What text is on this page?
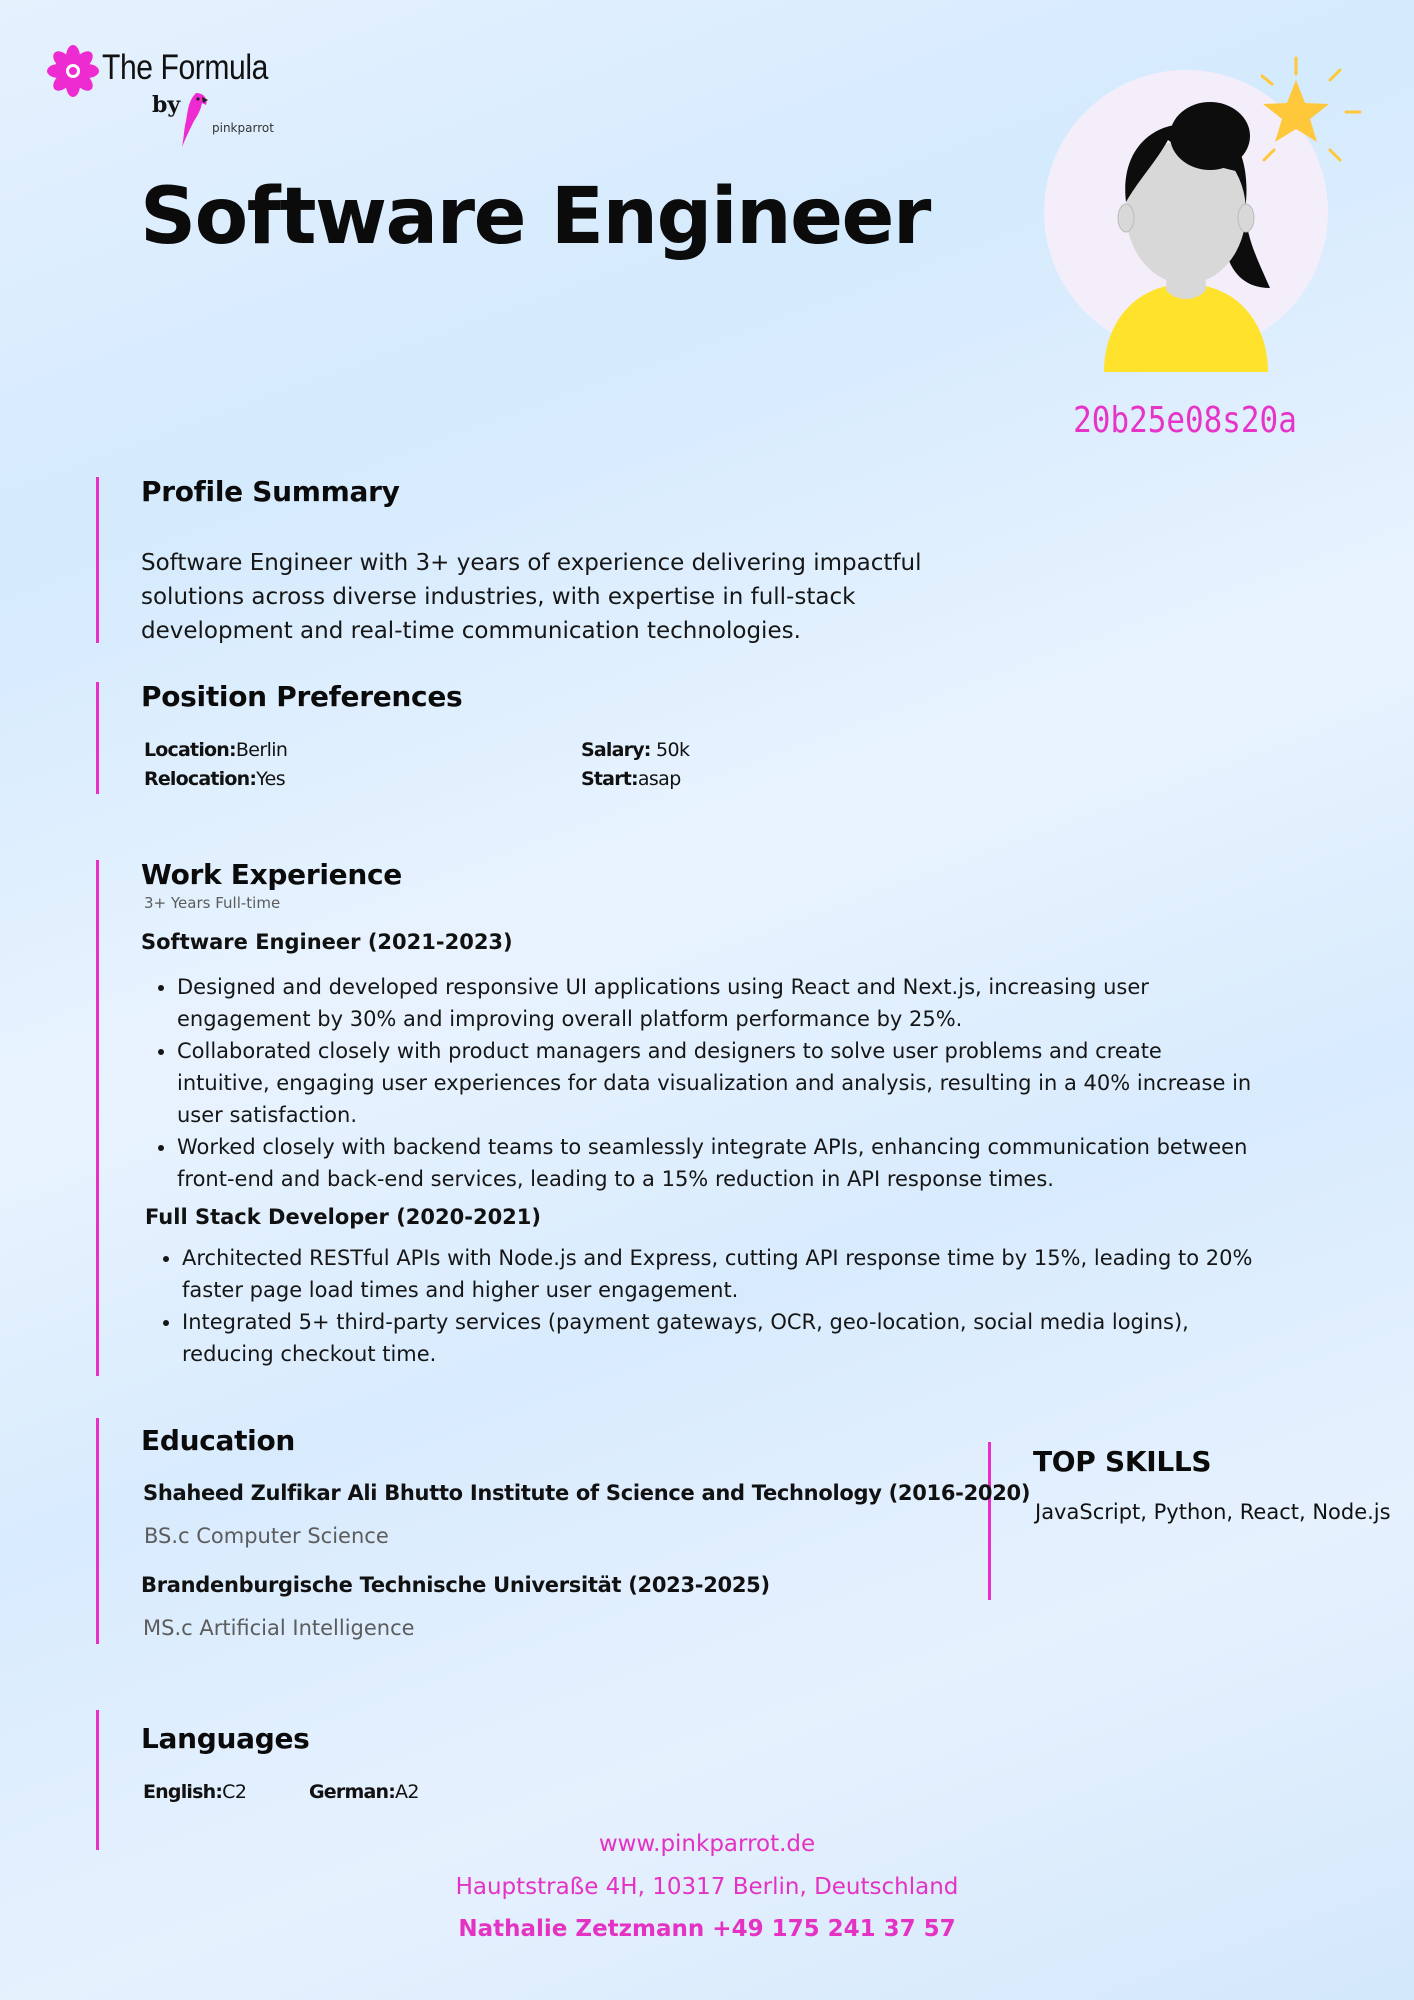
The Formula
by
pinkparrot
Software Engineer
20b25e08s20a
Profile Summary
Software Engineer with 3+ years of experience delivering impactful
solutions across diverse industries, with expertise in full-stack
development and real-time communication technologies.
Position Preferences
Location:Berlin
Relocation:Yes
Salary: 50k
Start:asap
Work Experience
3+ Years Full-time
Software Engineer (2021-2023)
• Designed and developed responsive UI applications using React and Next.js, increasing user
engagement by 30% and improving overall platform performance by 25%.
• Collaborated closely with product managers and designers to solve user problems and create
intuitive, engaging user experiences for data visualization and analysis, resulting in a 40% increase in
user satisfaction.
• Worked closely with backend teams to seamlessly integrate APIs, enhancing communication between
front-end and back-end services, leading to a 15% reduction in API response times.
Full Stack Developer (2020-2021)
• Architected RESTful APIs with Node.js and Express, cutting API response time by 15%, leading to 20%
faster page load times and higher user engagement.
• Integrated 5+ third-party services (payment gateways, OCR, geo-location, social media logins),
reducing checkout time.
Education
Shaheed Zulfikar Ali Bhutto Institute of Science and Technology (2016-2020)
BS.c Computer Science
Brandenburgische Technische Universität (2023-2025)
MS.c Artificial Intelligence
TOP SKILLS
JavaScript, Python, React, Node.js
Languages
English:C2	German:A2
www.pinkparrot.de
Hauptstraße 4H, 10317 Berlin, Deutschland
Nathalie Zetzmann +49 175 241 37 57
